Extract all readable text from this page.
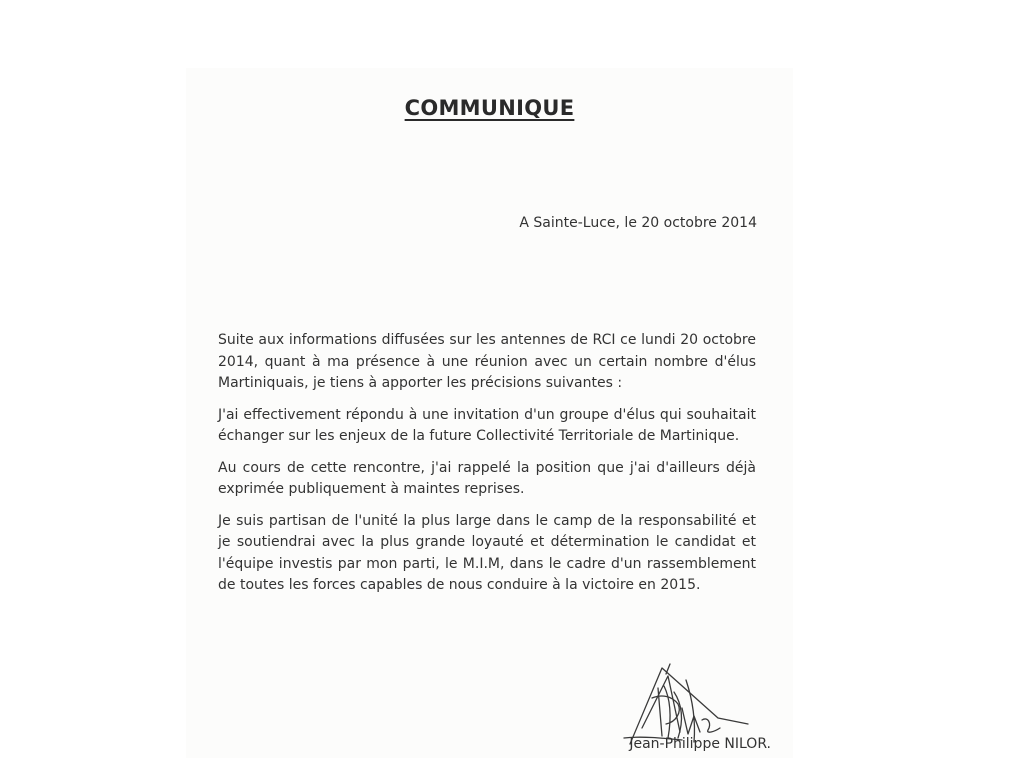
COMMUNIQUE
A Sainte-Luce, le 20 octobre 2014

Suite aux informations diffusées sur les antennes de RCI ce lundi 20 octobre 2014, quant à ma présence à une réunion avec un certain nombre d'élus Martiniquais, je tiens à apporter les précisions suivantes :

J'ai effectivement répondu à une invitation d'un groupe d'élus qui souhaitait échanger sur les enjeux de la future Collectivité Territoriale de Martinique.

Au cours de cette rencontre, j'ai rappelé la position que j'ai d'ailleurs déjà exprimée publiquement à maintes reprises.

Je suis partisan de l'unité la plus large dans le camp de la responsabilité et je soutiendrai avec la plus grande loyauté et détermination le candidat et l'équipe investis par mon parti, le M.I.M, dans le cadre d'un rassemblement de toutes les forces capables de nous conduire à la victoire en 2015.

Jean-Philippe NILOR.
